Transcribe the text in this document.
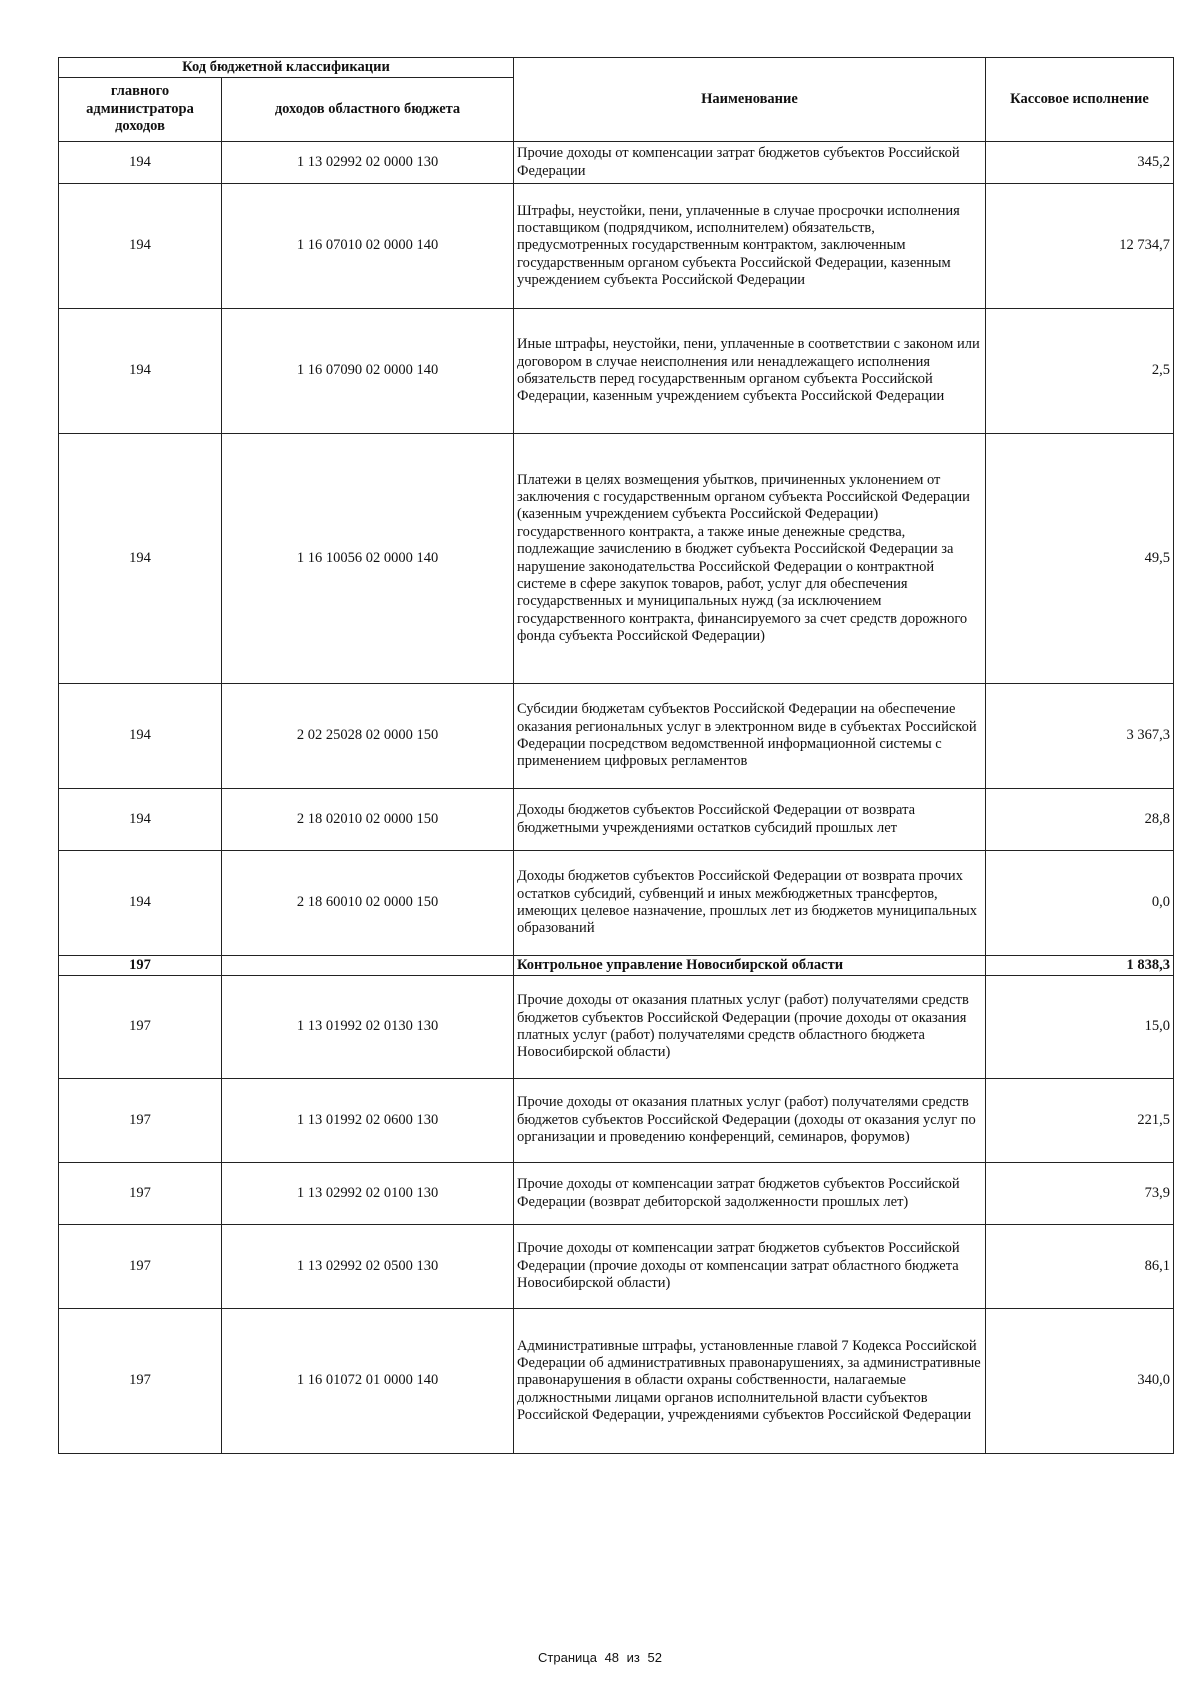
Код бюджетной классификации		Наименование	Кассовое исполнение
главного администратора доходов	доходов областного бюджета		
194	1 13 02992 02 0000 130	Прочие доходы от компенсации затрат бюджетов субъектов Российской Федерации	345,2
194	1 16 07010 02 0000 140	Штрафы, неустойки, пени, уплаченные в случае просрочки исполнения поставщиком (подрядчиком, исполнителем) обязательств, предусмотренных государственным контрактом, заключенным государственным органом субъекта Российской Федерации, казенным учреждением субъекта Российской Федерации	12 734,7
194	1 16 07090 02 0000 140	Иные штрафы, неустойки, пени, уплаченные в соответствии с законом или договором в случае неисполнения или ненадлежащего исполнения обязательств перед государственным органом субъекта Российской Федерации, казенным учреждением субъекта Российской Федерации	2,5
194	1 16 10056 02 0000 140	Платежи в целях возмещения убытков, причиненных уклонением от заключения с государственным органом субъекта Российской Федерации (казенным учреждением субъекта Российской Федерации) государственного контракта, а также иные денежные средства, подлежащие зачислению в бюджет субъекта Российской Федерации за нарушение законодательства Российской Федерации о контрактной системе в сфере закупок товаров, работ, услуг для обеспечения государственных и муниципальных нужд (за исключением государственного контракта, финансируемого за счет средств дорожного фонда субъекта Российской Федерации)	49,5
194	2 02 25028 02 0000 150	Субсидии бюджетам субъектов Российской Федерации на обеспечение оказания региональных услуг в электронном виде в субъектах Российской Федерации посредством ведомственной информационной системы с применением цифровых регламентов	3 367,3
194	2 18 02010 02 0000 150	Доходы бюджетов субъектов Российской Федерации от возврата бюджетными учреждениями остатков субсидий прошлых лет	28,8
194	2 18 60010 02 0000 150	Доходы бюджетов субъектов Российской Федерации от возврата прочих остатков субсидий, субвенций и иных межбюджетных трансфертов, имеющих целевое назначение, прошлых лет из бюджетов муниципальных образований	0,0
197		Контрольное управление Новосибирской области	1 838,3
197	1 13 01992 02 0130 130	Прочие доходы от оказания платных услуг (работ) получателями средств бюджетов субъектов Российской Федерации (прочие доходы от оказания платных услуг (работ) получателями средств областного бюджета Новосибирской области)	15,0
197	1 13 01992 02 0600 130	Прочие доходы от оказания платных услуг (работ) получателями средств бюджетов субъектов Российской Федерации (доходы от оказания услуг по организации и проведению конференций, семинаров, форумов)	221,5
197	1 13 02992 02 0100 130	Прочие доходы от компенсации затрат бюджетов субъектов Российской Федерации (возврат дебиторской задолженности прошлых лет)	73,9
197	1 13 02992 02 0500 130	Прочие доходы от компенсации затрат бюджетов субъектов Российской Федерации (прочие доходы от компенсации затрат областного бюджета Новосибирской области)	86,1
197	1 16 01072 01 0000 140	Административные штрафы, установленные главой 7 Кодекса Российской Федерации об административных правонарушениях, за административные правонарушения в области охраны собственности, налагаемые должностными лицами органов исполнительной власти субъектов Российской Федерации, учреждениями субъектов Российской Федерации	340,0
Страница 48 из 52
